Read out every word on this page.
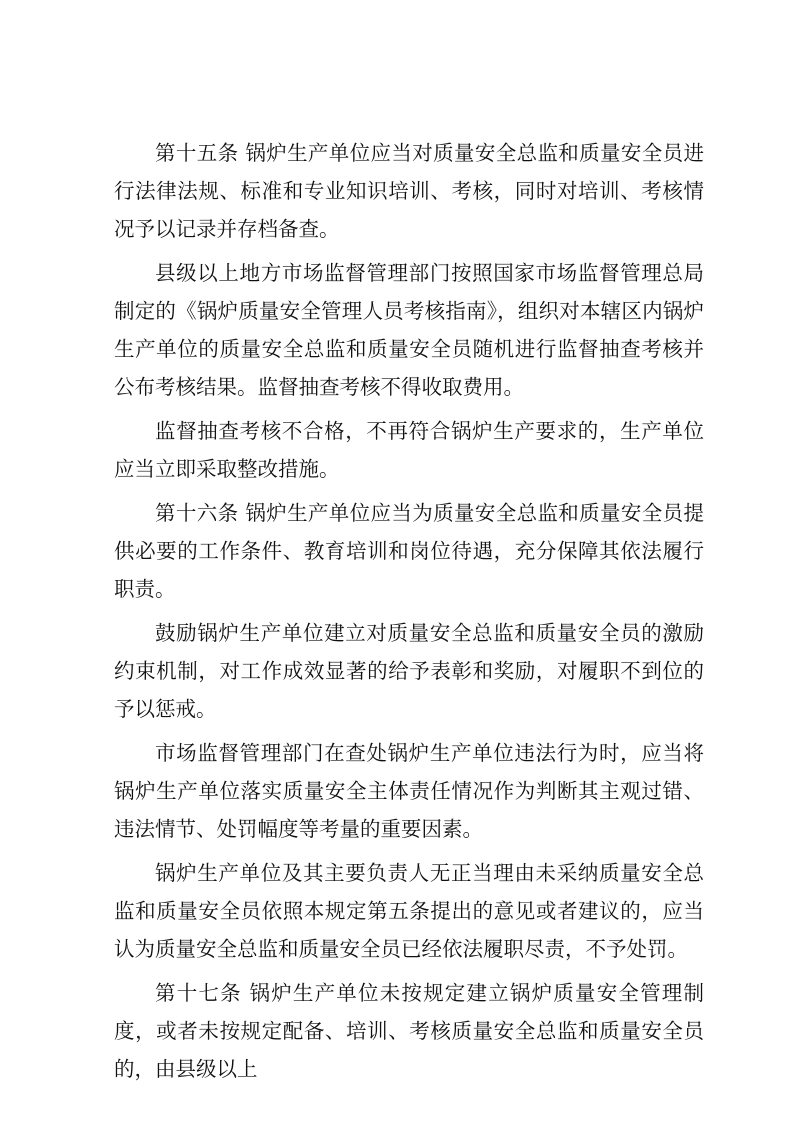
第十五条 锅炉生产单位应当对质量安全总监和质量安全员进行法律法规、标准和专业知识培训、考核，同时对培训、考核情况予以记录并存档备查。

县级以上地方市场监督管理部门按照国家市场监督管理总局制定的《锅炉质量安全管理人员考核指南》，组织对本辖区内锅炉生产单位的质量安全总监和质量安全员随机进行监督抽查考核并公布考核结果。监督抽查考核不得收取费用。

监督抽查考核不合格，不再符合锅炉生产要求的，生产单位应当立即采取整改措施。

第十六条 锅炉生产单位应当为质量安全总监和质量安全员提供必要的工作条件、教育培训和岗位待遇，充分保障其依法履行职责。

鼓励锅炉生产单位建立对质量安全总监和质量安全员的激励约束机制，对工作成效显著的给予表彰和奖励，对履职不到位的予以惩戒。

市场监督管理部门在查处锅炉生产单位违法行为时，应当将锅炉生产单位落实质量安全主体责任情况作为判断其主观过错、违法情节、处罚幅度等考量的重要因素。

锅炉生产单位及其主要负责人无正当理由未采纳质量安全总监和质量安全员依照本规定第五条提出的意见或者建议的，应当认为质量安全总监和质量安全员已经依法履职尽责，不予处罚。

第十七条 锅炉生产单位未按规定建立锅炉质量安全管理制度，或者未按规定配备、培训、考核质量安全总监和质量安全员的，由县级以上
